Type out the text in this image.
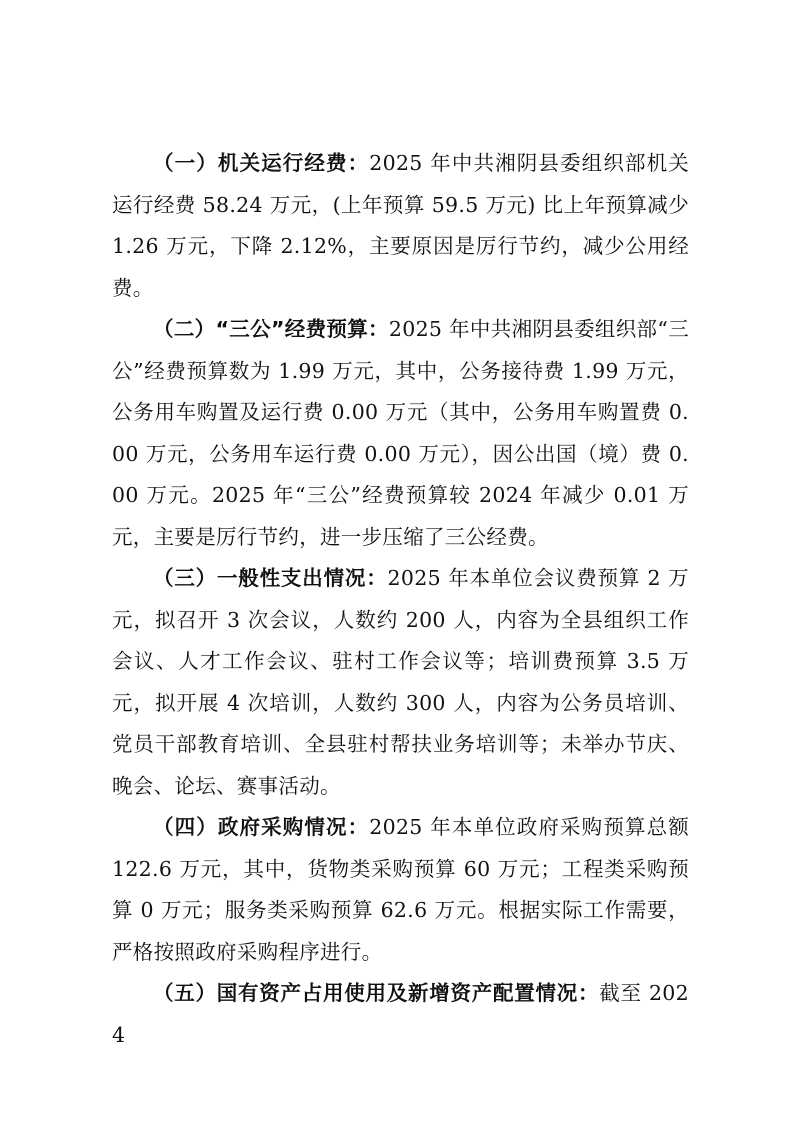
（一）机关运行经费：2025 年中共湘阴县委组织部机关运行经费 58.24 万元，(上年预算 59.5 万元) 比上年预算减少 1.26 万元，下降 2.12%，主要原因是厉行节约，减少公用经费。

（二）“三公”经费预算：2025 年中共湘阴县委组织部“三公”经费预算数为 1.99 万元，其中，公务接待费 1.99 万元，公务用车购置及运行费 0.00 万元（其中，公务用车购置费 0.00 万元，公务用车运行费 0.00 万元），因公出国（境）费 0.00 万元。2025 年“三公”经费预算较 2024 年减少 0.01 万元，主要是厉行节约，进一步压缩了三公经费。

（三）一般性支出情况：2025 年本单位会议费预算 2 万元，拟召开 3 次会议，人数约 200 人，内容为全县组织工作会议、人才工作会议、驻村工作会议等；培训费预算 3.5 万元，拟开展 4 次培训，人数约 300 人，内容为公务员培训、党员干部教育培训、全县驻村帮扶业务培训等；未举办节庆、晚会、论坛、赛事活动。

（四）政府采购情况：2025 年本单位政府采购预算总额 122.6 万元，其中，货物类采购预算 60 万元；工程类采购预算 0 万元；服务类采购预算 62.6 万元。根据实际工作需要，严格按照政府采购程序进行。

（五）国有资产占用使用及新增资产配置情况：截至 2024
